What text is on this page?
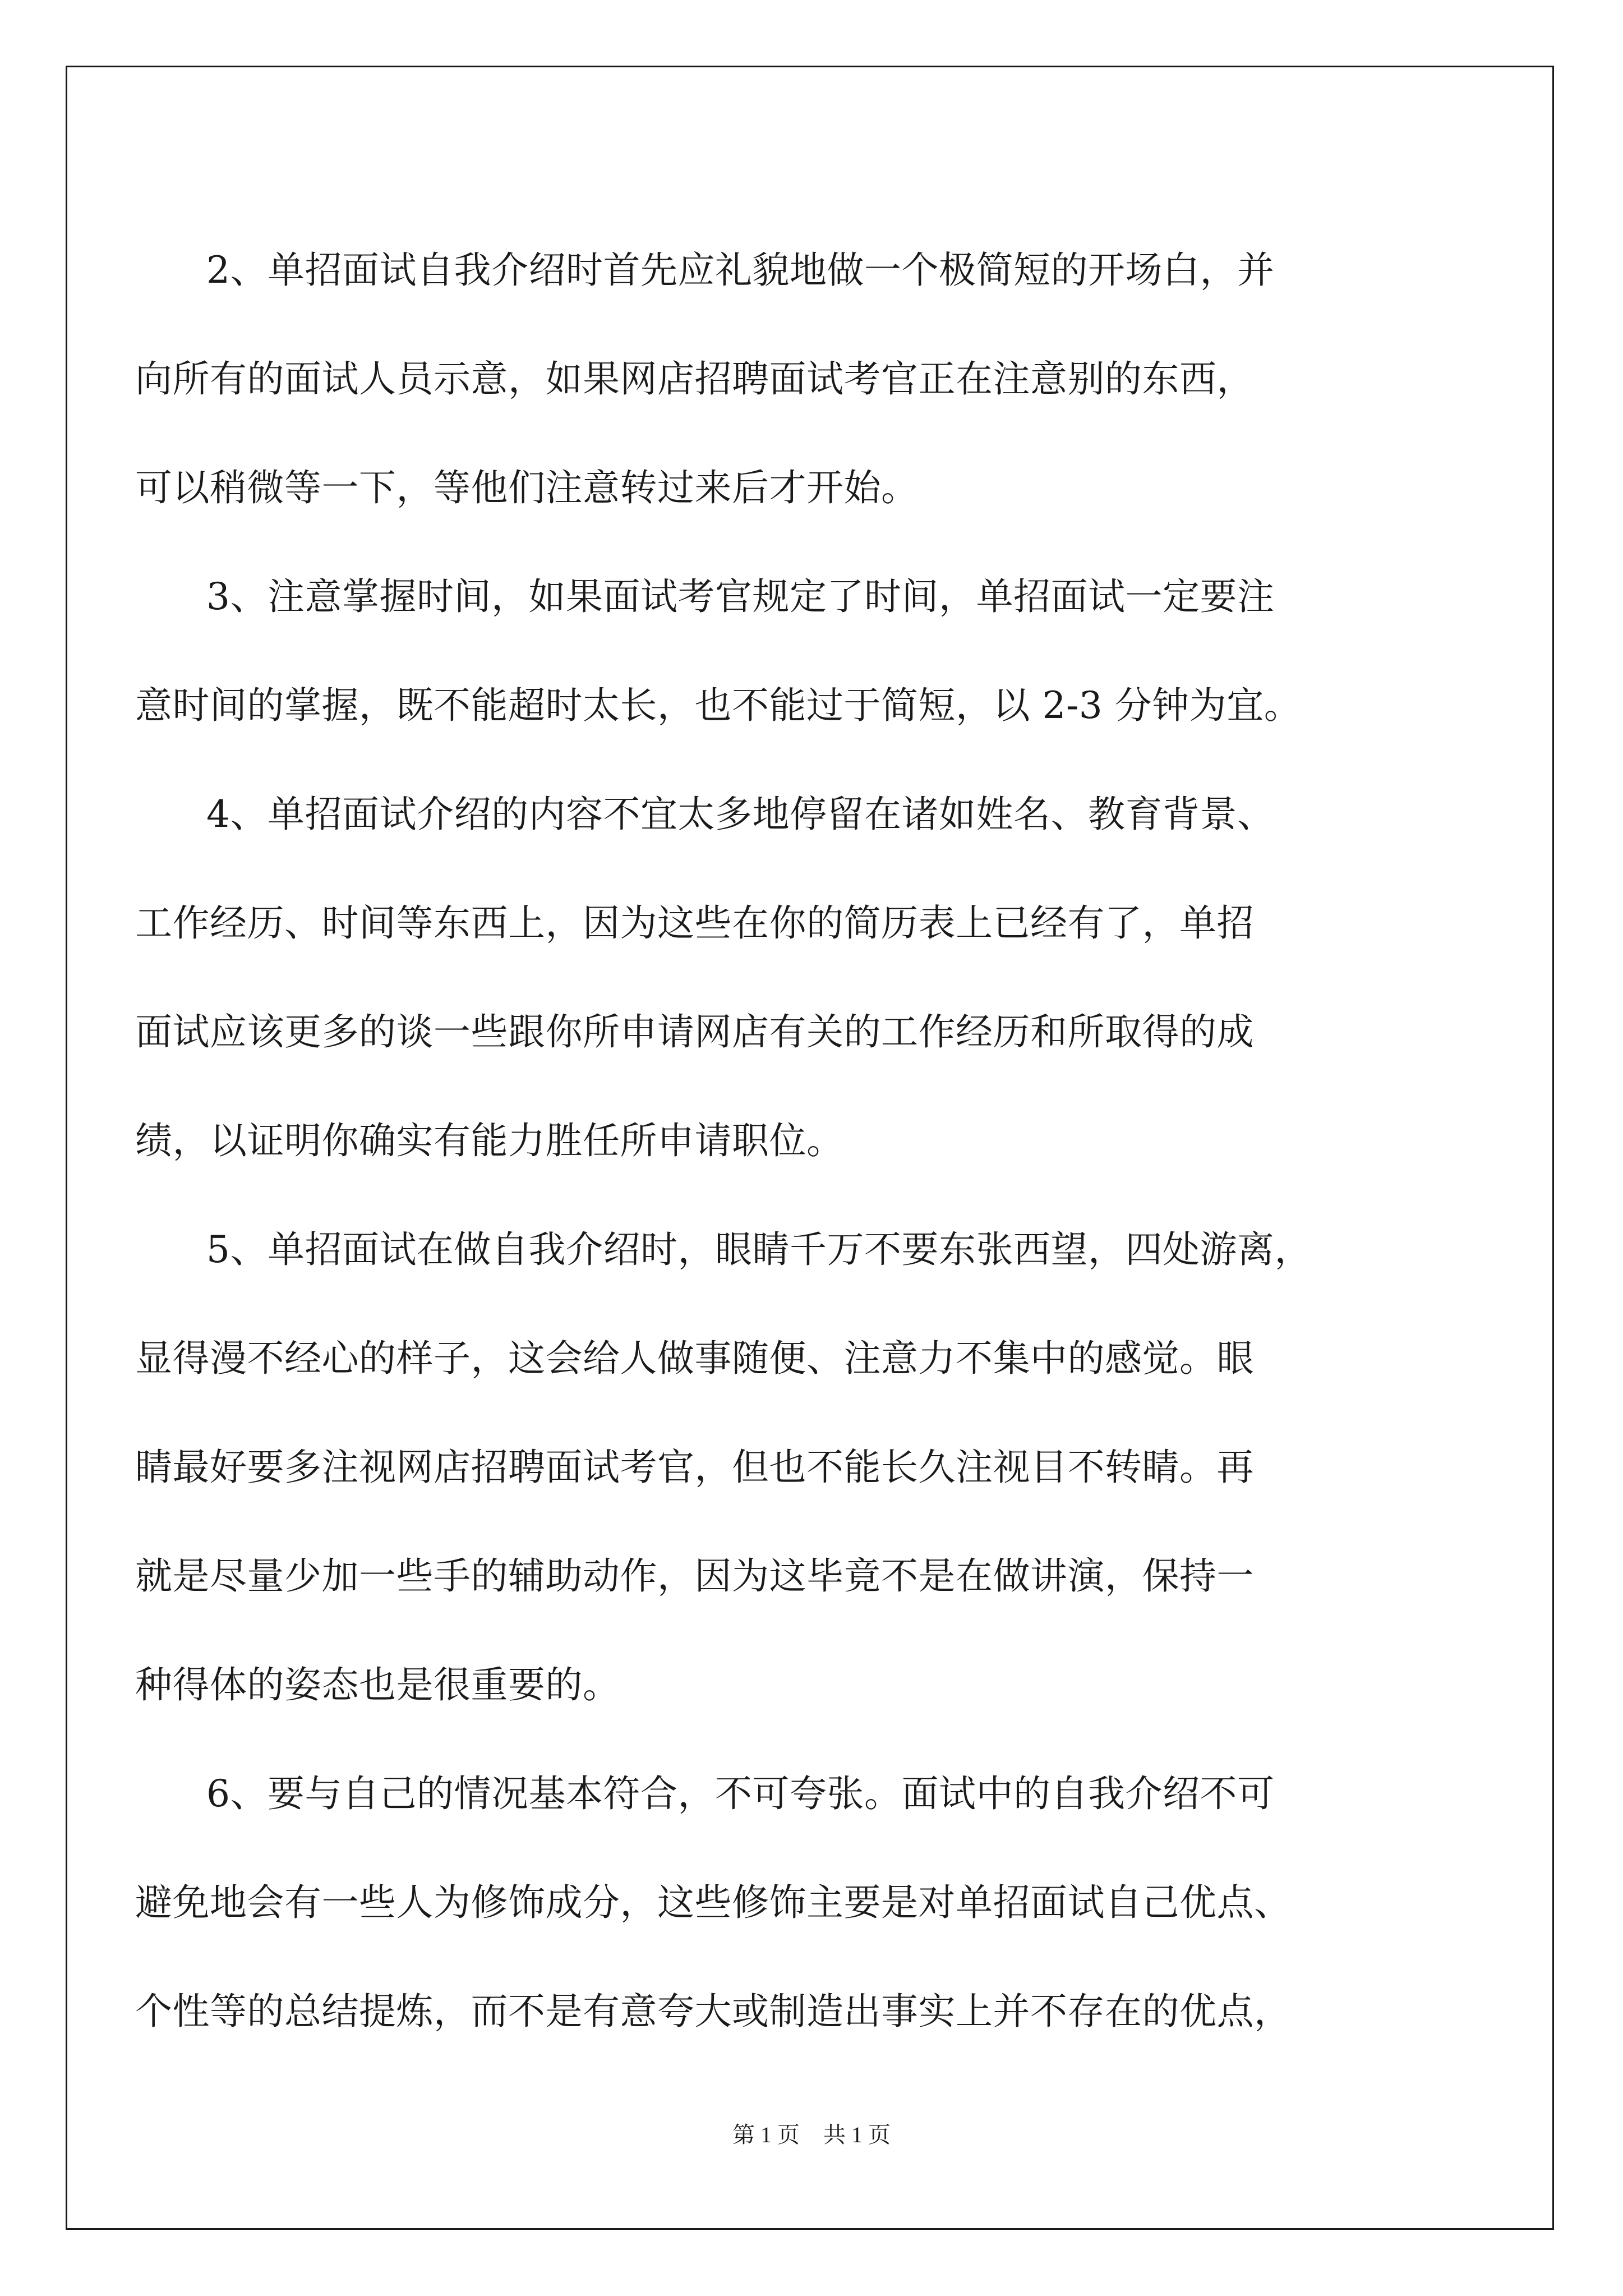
2、单招面试自我介绍时首先应礼貌地做一个极简短的开场白，并
向所有的面试人员示意，如果网店招聘面试考官正在注意别的东西，
可以稍微等一下，等他们注意转过来后才开始。
3、注意掌握时间，如果面试考官规定了时间，单招面试一定要注
意时间的掌握，既不能超时太长，也不能过于简短，以 2-3 分钟为宜。
4、单招面试介绍的内容不宜太多地停留在诸如姓名、教育背景、
工作经历、时间等东西上，因为这些在你的简历表上已经有了，单招
面试应该更多的谈一些跟你所申请网店有关的工作经历和所取得的成
绩，以证明你确实有能力胜任所申请职位。
5、单招面试在做自我介绍时，眼睛千万不要东张西望，四处游离，
显得漫不经心的样子，这会给人做事随便、注意力不集中的感觉。眼
睛最好要多注视网店招聘面试考官，但也不能长久注视目不转睛。再
就是尽量少加一些手的辅助动作，因为这毕竟不是在做讲演，保持一
种得体的姿态也是很重要的。
6、要与自己的情况基本符合，不可夸张。面试中的自我介绍不可
避免地会有一些人为修饰成分，这些修饰主要是对单招面试自己优点、
个性等的总结提炼，而不是有意夸大或制造出事实上并不存在的优点，
第 1 页 共 1 页
